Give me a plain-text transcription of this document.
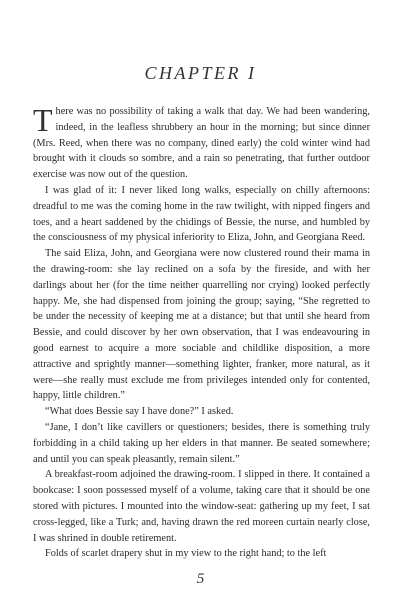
CHAPTER I

There was no possibility of taking a walk that day. We had been wandering, indeed, in the leafless shrubbery an hour in the morning; but since dinner (Mrs. Reed, when there was no company, dined early) the cold winter wind had brought with it clouds so sombre, and a rain so penetrating, that further outdoor exercise was now out of the question.

I was glad of it: I never liked long walks, especially on chilly afternoons: dreadful to me was the coming home in the raw twilight, with nipped fingers and toes, and a heart saddened by the chidings of Bessie, the nurse, and humbled by the consciousness of my physical inferiority to Eliza, John, and Georgiana Reed.

The said Eliza, John, and Georgiana were now clustered round their mama in the drawing-room: she lay reclined on a sofa by the fireside, and with her darlings about her (for the time neither quarrelling nor crying) looked perfectly happy. Me, she had dispensed from joining the group; saying, “She regretted to be under the necessity of keeping me at a distance; but that until she heard from Bessie, and could discover by her own observation, that I was endeavouring in good earnest to acquire a more sociable and childlike disposition, a more attractive and sprightly manner—something lighter, franker, more natural, as it were—she really must exclude me from privileges intended only for contented, happy, little children.”

“What does Bessie say I have done?” I asked.

“Jane, I don’t like cavillers or questioners; besides, there is something truly forbidding in a child taking up her elders in that manner. Be seated somewhere; and until you can speak pleasantly, remain silent.”

A breakfast-room adjoined the drawing-room. I slipped in there. It contained a bookcase: I soon possessed myself of a volume, taking care that it should be one stored with pictures. I mounted into the window-seat: gathering up my feet, I sat cross-legged, like a Turk; and, having drawn the red moreen curtain nearly close, I was shrined in double retirement.

Folds of scarlet drapery shut in my view to the right hand; to the left

5
